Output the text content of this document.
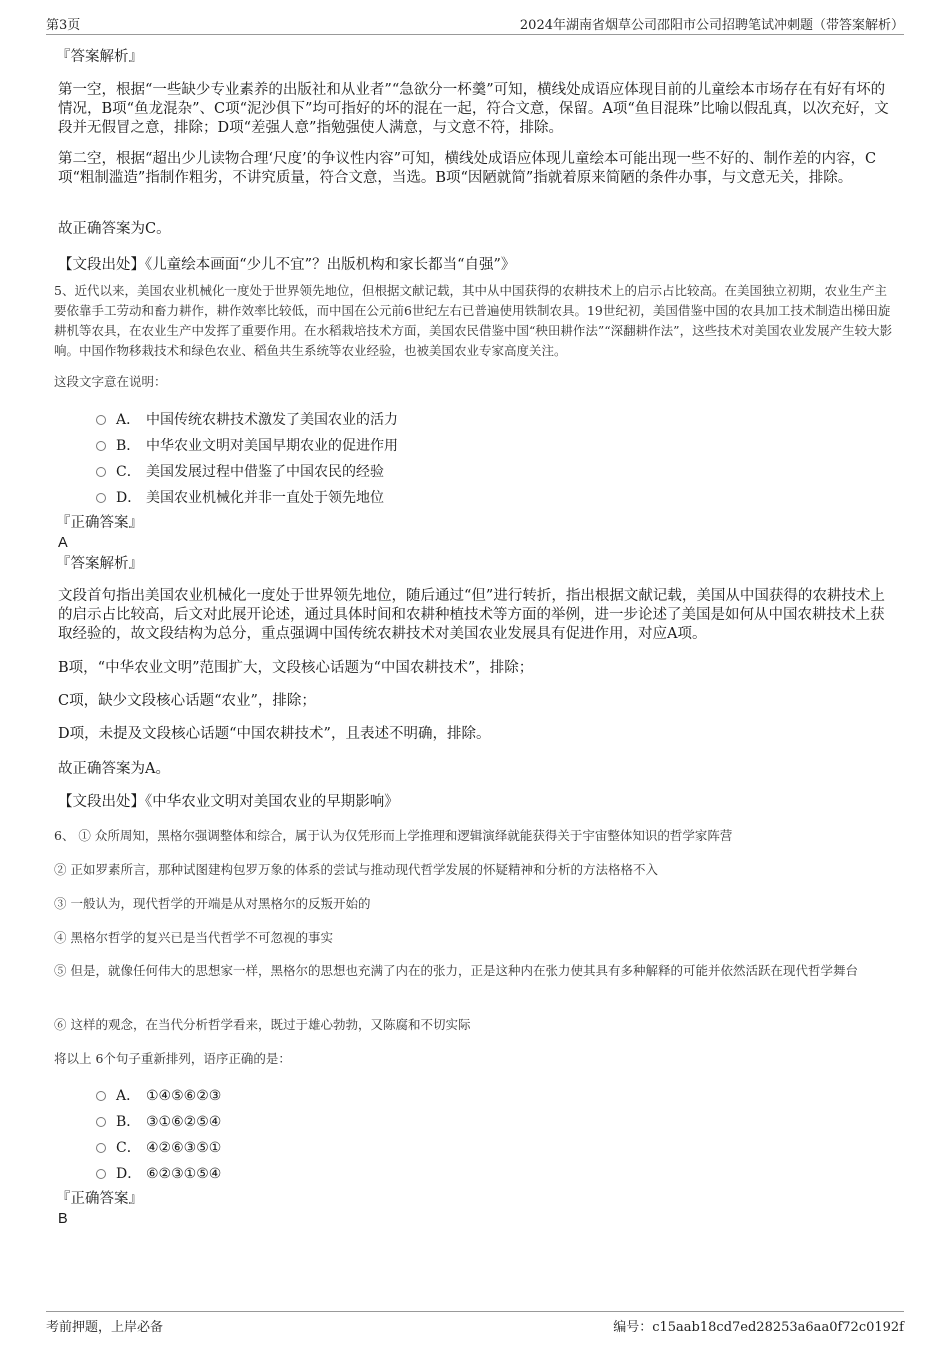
第3页	2024年湖南省烟草公司邵阳市公司招聘笔试冲刺题（带答案解析）
『答案解析』
第一空，根据“一些缺少专业素养的出版社和从业者”“急欲分一杯羹”可知，横线处成语应体现目前的儿童绘本市场存在有好有坏的情况，B项“鱼龙混杂”、C项“泥沙俱下”均可指好的坏的混在一起，符合文意，保留。A项“鱼目混珠”比喻以假乱真，以次充好，文段并无假冒之意，排除；D项“差强人意”指勉强使人满意，与文意不符，排除。
第二空，根据“超出少儿读物合理‘尺度’的争议性内容”可知，横线处成语应体现儿童绘本可能出现一些不好的、制作差的内容，C项“粗制滥造”指制作粗劣，不讲究质量，符合文意，当选。B项“因陋就简”指就着原来简陋的条件办事，与文意无关，排除。
故正确答案为C。
【文段出处】《儿童绘本画面“少儿不宜”？出版机构和家长都当“自强”》
5、近代以来，美国农业机械化一度处于世界领先地位，但根据文献记载，其中从中国获得的农耕技术上的启示占比较高。在美国独立初期，农业生产主要依靠手工劳动和畜力耕作，耕作效率比较低，而中国在公元前6世纪左右已普遍使用铁制农具。19世纪初，美国借鉴中国的农具加工技术制造出梯田旋耕机等农具，在农业生产中发挥了重要作用。在水稻栽培技术方面，美国农民借鉴中国“秧田耕作法”“深翻耕作法”，这些技术对美国农业发展产生较大影响。中国作物移栽技术和绿色农业、稻鱼共生系统等农业经验，也被美国农业专家高度关注。
这段文字意在说明：
A． 中国传统农耕技术激发了美国农业的活力
B． 中华农业文明对美国早期农业的促进作用
C． 美国发展过程中借鉴了中国农民的经验
D． 美国农业机械化并非一直处于领先地位
『正确答案』
A
『答案解析』
文段首句指出美国农业机械化一度处于世界领先地位，随后通过“但”进行转折，指出根据文献记载，美国从中国获得的农耕技术上的启示占比较高，后文对此展开论述，通过具体时间和农耕种植技术等方面的举例，进一步论述了美国是如何从中国农耕技术上获取经验的，故文段结构为总分，重点强调中国传统农耕技术对美国农业发展具有促进作用，对应A项。
B项，“中华农业文明”范围扩大，文段核心话题为“中国农耕技术”，排除；
C项，缺少文段核心话题“农业”，排除；
D项，未提及文段核心话题“中国农耕技术”，且表述不明确，排除。
故正确答案为A。
【文段出处】《中华农业文明对美国农业的早期影响》
6、 ① 众所周知，黑格尔强调整体和综合，属于认为仅凭形而上学推理和逻辑演绎就能获得关于宇宙整体知识的哲学家阵营
② 正如罗素所言，那种试图建构包罗万象的体系的尝试与推动现代哲学发展的怀疑精神和分析的方法格格不入
③ 一般认为，现代哲学的开端是从对黑格尔的反叛开始的
④ 黑格尔哲学的复兴已是当代哲学不可忽视的事实
⑤ 但是，就像任何伟大的思想家一样，黑格尔的思想也充满了内在的张力，正是这种内在张力使其具有多种解释的可能并依然活跃在现代哲学舞台
⑥ 这样的观念，在当代分析哲学看来，既过于雄心勃勃，又陈腐和不切实际
将以上 6个句子重新排列，语序正确的是：
A． ①④⑤⑥②③
B． ③①⑥②⑤④
C． ④②⑥③⑤①
D． ⑥②③①⑤④
『正确答案』
B
考前押题，上岸必备	编号：c15aab18cd7ed28253a6aa0f72c0192f
